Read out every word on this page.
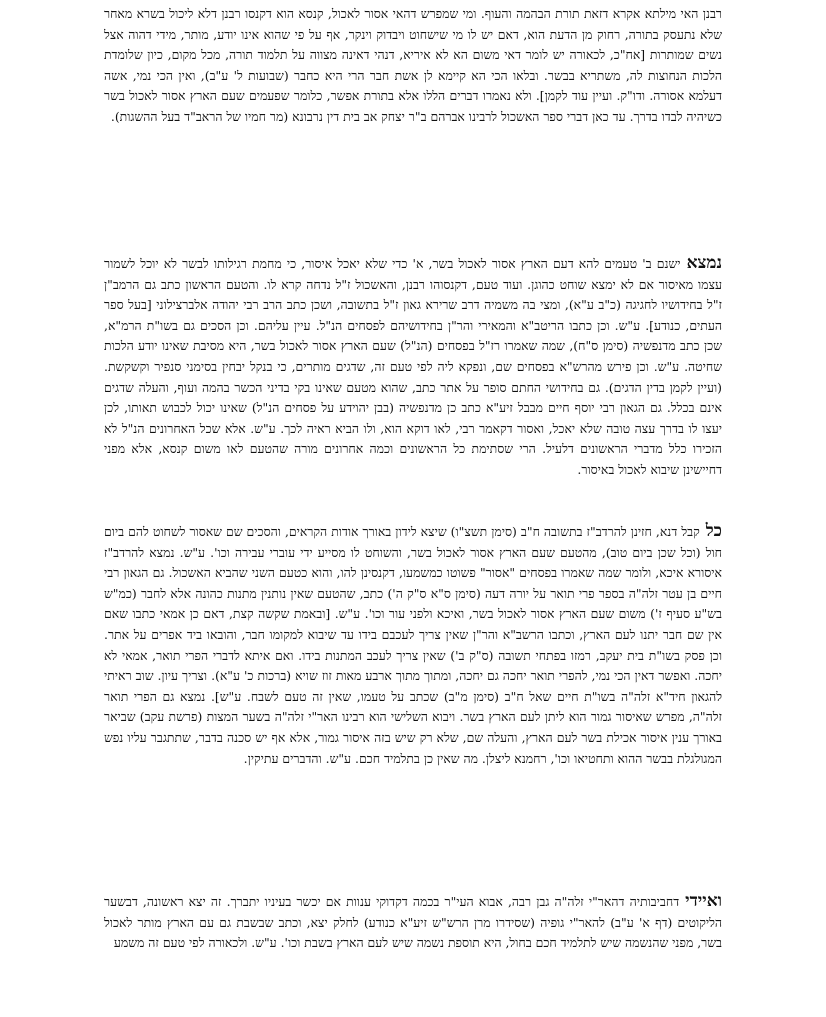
רבנן האי מילתא אקרא דזאת תורת הבהמה והעוף. ומי שמפרש דהאי אסור לאכול, קנסא הוא דקנסו רבנן דלא ליכול בשרא מאחר שלא נתעסק בתורה, רחוק מן הדעת הוא, דאם יש לו מי שישחוט ויבדוק וינקר, אף על פי שהוא אינו יודע, מותר, מידי דהוה אצל נשים שמותרות [אח"כ, לכאורה יש לומר דאי משום הא לא איריא, דנהי דאינה מצווה על תלמוד תורה, מכל מקום, כיון שלומדת הלכות הנחוצות לה, משתריא בבשר. ובלאו הכי הא קיימא לן אשת חבר הרי היא כחבר (שבועות ל' ע"ב), ואין הכי נמי, אשה דעלמא אסורה. ודו"ק. ועיין עוד לקמן]. ולא נאמרו דברים הללו אלא בתורת אפשר, כלומר שפעמים שעם הארץ אסור לאכול בשר כשיהיה לבדו בדרך. עד כאן דברי ספר האשכול לרבינו אברהם ב"ר יצחק אב בית דין נרבונא (מר חמיו של הראב"ד בעל ההשגות).

נמצאישנם ב' טעמים להא דעם הארץ אסור לאכול בשר, א' כדי שלא יאכל איסור, כי מחמת רגילותו לבשר לא יוכל לשמור עצמו מאיסור אם לא ימצא שוחט כהוגן. ועוד טעם, דקנסוהו רבנן, והאשכול ז"ל נדחה קרא לו. והטעם הראשון כתב גם הרמב"ן ז"ל בחידושיו לחגיגה (כ"ב ע"א), ומצי בה משמיה דרב שרירא גאון ז"ל בתשובה, ושכן כתב הרב רבי יהודה אלברצילוני [בעל ספר העתים, כנודע]. ע"ש. וכן כתבו הריטב"א והמאירי והר"ן בחידושיהם לפסחים הנ"ל. עיין עליהם. וכן הסכים גם בשו"ת הרמ"א, שכן כתב מדנפשיה (סימן ס"ח), שמה שאמרו רז"ל בפסחים (הנ"ל) שעם הארץ אסור לאכול בשר, היא מסיבת שאינו יודע הלכות שחיטה. ע"ש. וכן פירש מהרש"א בפסחים שם, ונפקא ליה לפי טעם זה, שדגים מותרים, כי בנקל יבחין בסימני סנפיר וקשקשת. (ועיין לקמן בדין הדגים). גם בחידושי החתם סופר על אתר כתב, שהוא מטעם שאינו בקי בדיני הכשר בהמה ועוף, והעלה שדגים אינם בכלל. גם הגאון רבי יוסף חיים מבבל זיע"א כתב כן מדנפשיה (בבן יהוידע על פסחים הנ"ל) שאינו יכול לכבוש תאותו, לכן יעצו לו בדרך עצה טובה שלא יאכל, ואסור דקאמר רבי, לאו דוקא הוא, ולו הביא ראיה לכך. ע"ש. אלא שכל האחרונים הנ"ל לא הזכירו כלל מדברי הראשונים דלעיל. הרי שסתימת כל הראשונים וכמה אחרונים מורה שהטעם לאו משום קנסא, אלא מפני דחיישינן שיבוא לאכול באיסור.

כלקבל דנא, חזינן להרדב"ז בתשובה ח"ב (סימן תשצ"ו) שיצא לידון באורך אודות הקראים, והסכים שם שאסור לשחוט להם ביום חול (וכל שכן ביום טוב), מהטעם שעם הארץ אסור לאכול בשר, והשוחט לו מסייע ידי עוברי עבירה וכו'. ע"ש. נמצא להרדב"ז איסורא איכא, ולומר שמה שאמרו בפסחים "אסור" פשוטו כמשמעו, דקנסינן להו, והוא כטעם השני שהביא האשכול. גם הגאון רבי חיים בן עטר זלה"ה בספר פרי תואר על יורה דעה (סימן ס"א ס"ק ה') כתב, שהטעם שאין נותנין מתנות כהונה אלא לחבר (כמ"ש בש"ע סעיף ז') משום שעם הארץ אסור לאכול בשר, ואיכא ולפני עור וכו'. ע"ש. [ובאמת שקשה קצת, דאם כן אמאי כתבו שאם אין שם חבר יתנו לעם הארץ, וכתבו הרשב"א והר"ן שאין צריך לעכבם בידו עד שיבוא למקומו חבר, והובאו ביד אפרים על אתר. וכן פסק בשו"ת בית יעקב, רמזו בפתחי תשובה (ס"ק ב') שאין צריך לעכב המתנות בידו. ואם איתא לדברי הפרי תואר, אמאי לא יחכה. ואפשר דאין הכי נמי, להפרי תואר יחכה גם יחכה, ומתוך מתוך ארבע מאות זוז שויא (ברכות כ' ע"א). וצריך עיון. שוב ראיתי להגאון חיד"א זלה"ה בשו"ת חיים שאל ח"ב (סימן מ"ב) שכתב על טעמו, שאין זה טעם לשבח. ע"ש]. נמצא גם הפרי תואר זלה"ה, מפרש שאיסור גמור הוא ליתן לעם הארץ בשר. ויבוא השלישי הוא רבינו האר"י זלה"ה בשער המצות (פרשת עקב) שביאר באורך ענין איסור אכילת בשר לעם הארץ, והעלה שם, שלא רק שיש בזה איסור גמור, אלא אף יש סכנה בדבר, שתתגבר עליו נפש המגולגלת בבשר ההוא ותחטיאו וכו', רחמנא ליצלן. מה שאין כן בתלמיד חכם. ע"ש. והדברים עתיקין.

ואיידידחביבותיה דהאר"י זלה"ה גבן רבה, אבוא העי"ר בכמה דקדוקי ענוות אם יכשר בעיניו יתברך. זה יצא ראשונה, דבשער הליקוטים (דף א' ע"ב) להאר"י גופיה (שסידרו מרן הרש"ש זיע"א כנודע) לחלק יצא, וכתב שבשבת גם עם הארץ מותר לאכול בשר, מפני שהנשמה שיש לתלמיד חכם בחול, היא תוספת נשמה שיש לעם הארץ בשבת וכו'. ע"ש. ולכאורה לפי טעם זה משמע
